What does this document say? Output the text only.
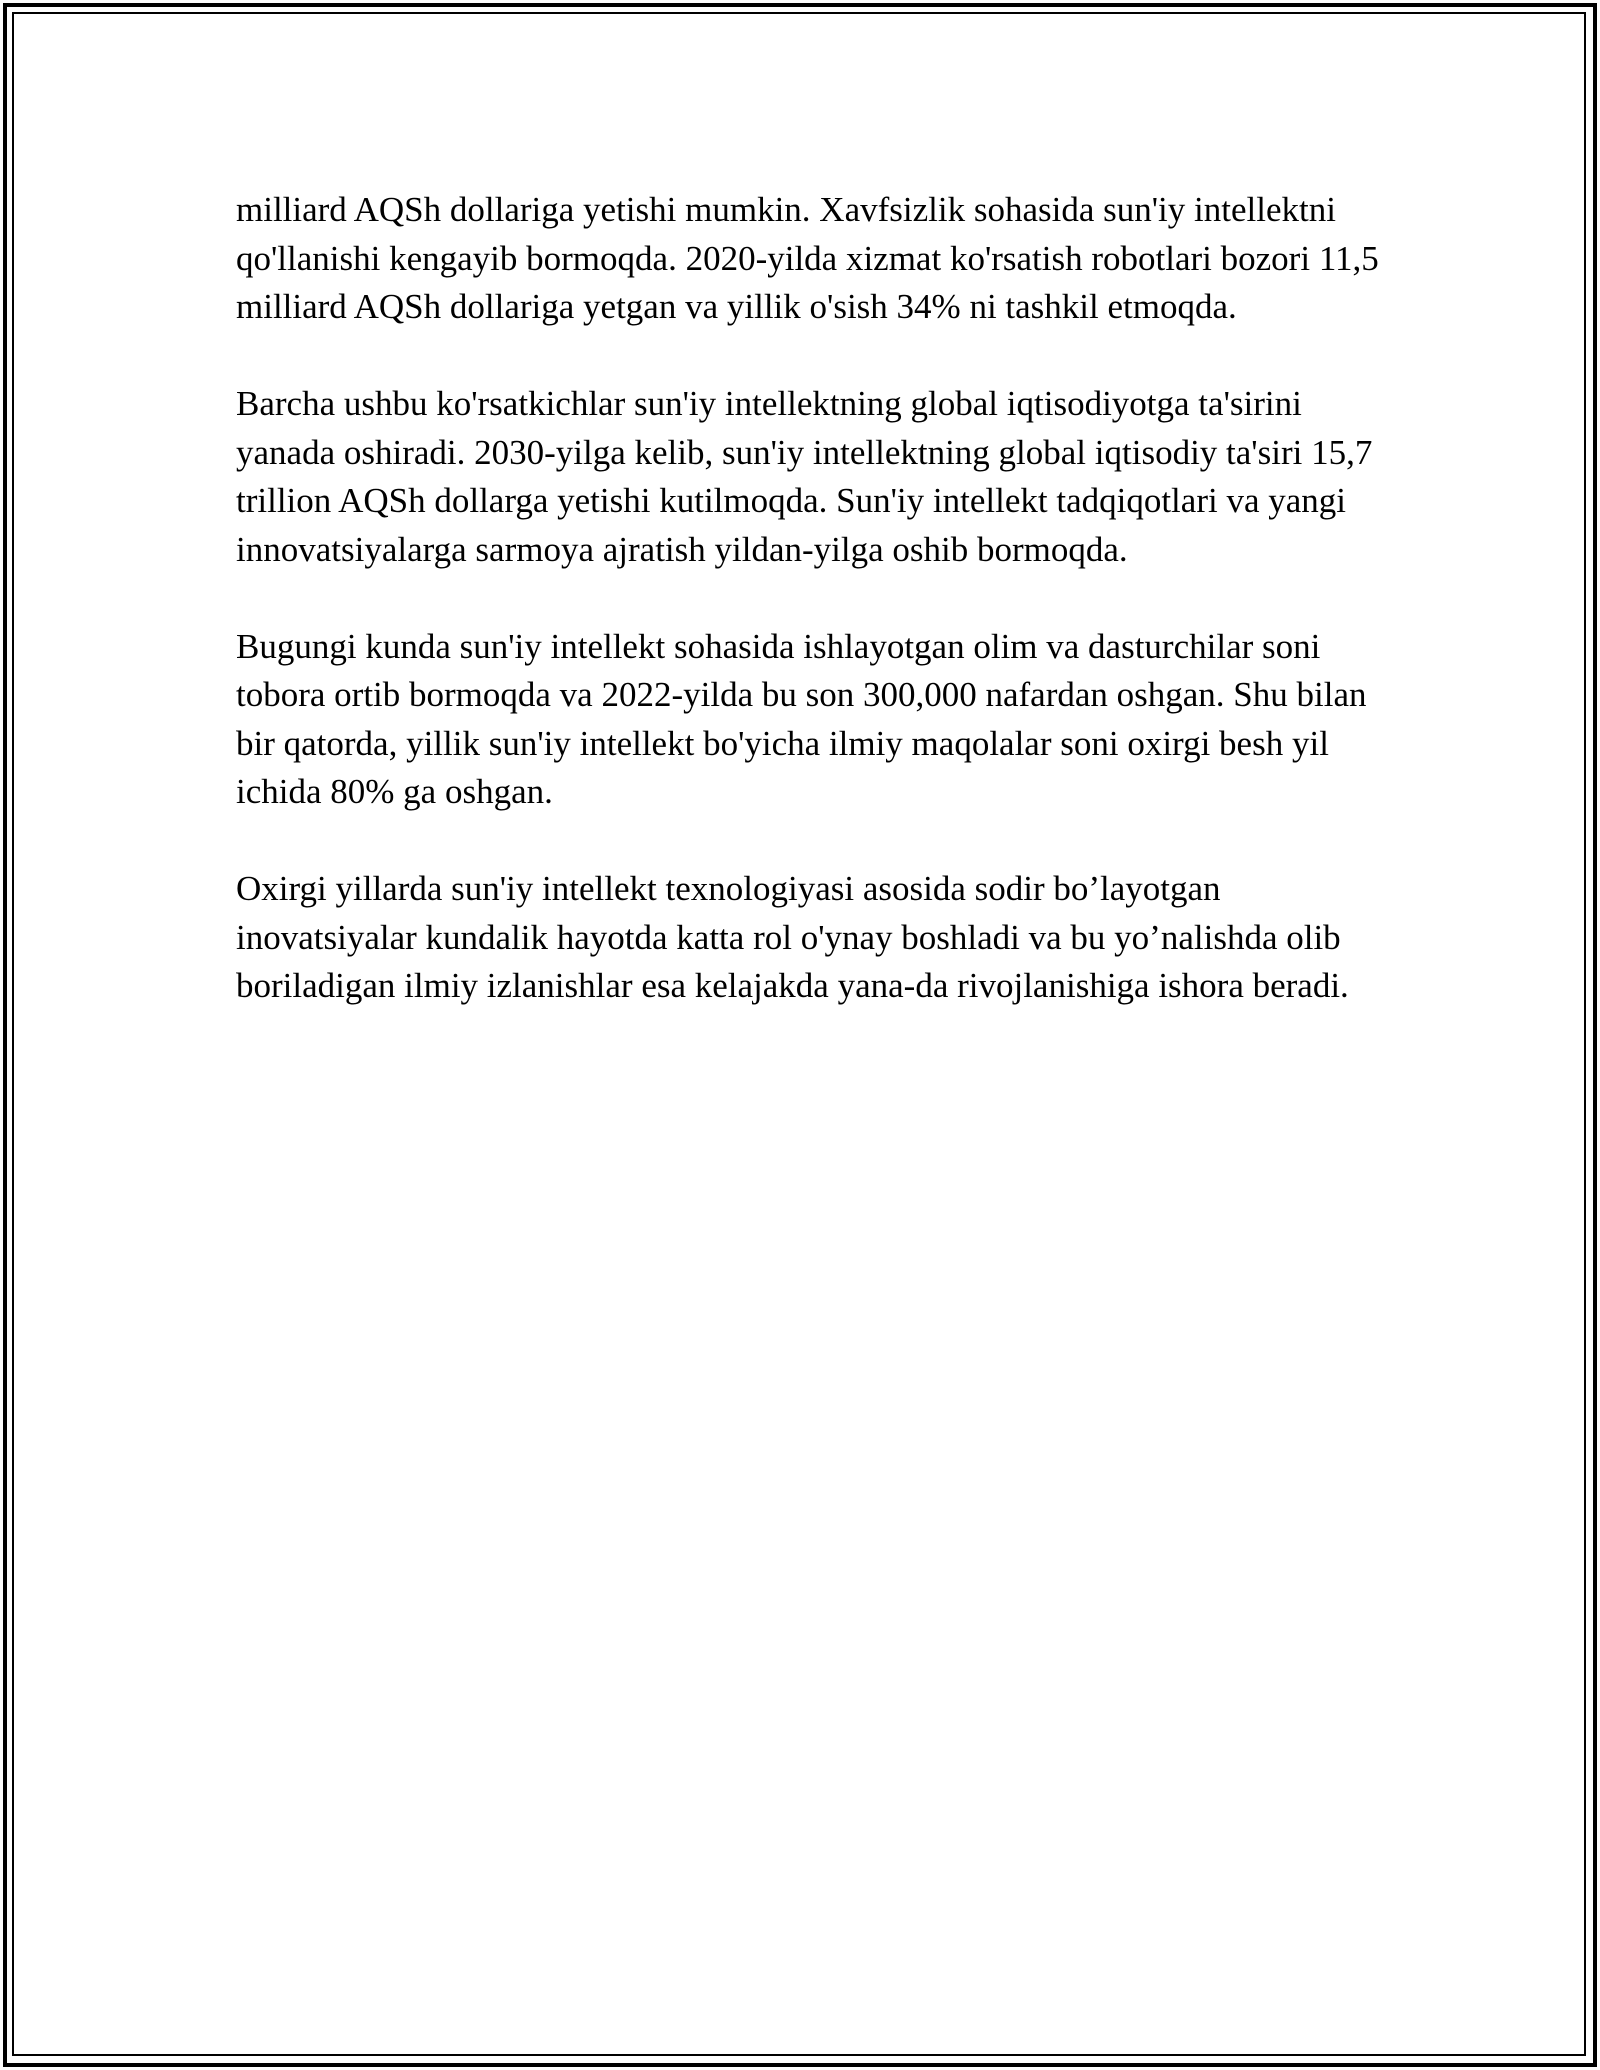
milliard AQSh dollariga yetishi mumkin. Xavfsizlik sohasida sun'iy intellektni qo'llanishi kengayib bormoqda. 2020-yilda xizmat ko'rsatish robotlari bozori 11,5 milliard AQSh dollariga yetgan va yillik o'sish 34% ni tashkil etmoqda.

Barcha ushbu ko'rsatkichlar sun'iy intellektning global iqtisodiyotga ta'sirini yanada oshiradi. 2030-yilga kelib, sun'iy intellektning global iqtisodiy ta'siri 15,7 trillion AQSh dollarga yetishi kutilmoqda. Sun'iy intellekt tadqiqotlari va yangi innovatsiyalarga sarmoya ajratish yildan-yilga oshib bormoqda.

Bugungi kunda sun'iy intellekt sohasida ishlayotgan olim va dasturchilar soni tobora ortib bormoqda va 2022-yilda bu son 300,000 nafardan oshgan. Shu bilan bir qatorda, yillik sun'iy intellekt bo'yicha ilmiy maqolalar soni oxirgi besh yil ichida 80% ga oshgan.

Oxirgi yillarda sun'iy intellekt texnologiyasi asosida sodir bo’layotgan inovatsiyalar kundalik hayotda katta rol o'ynay boshladi va bu yo’nalishda olib boriladigan ilmiy izlanishlar esa kelajakda yana-da rivojlanishiga ishora beradi.
